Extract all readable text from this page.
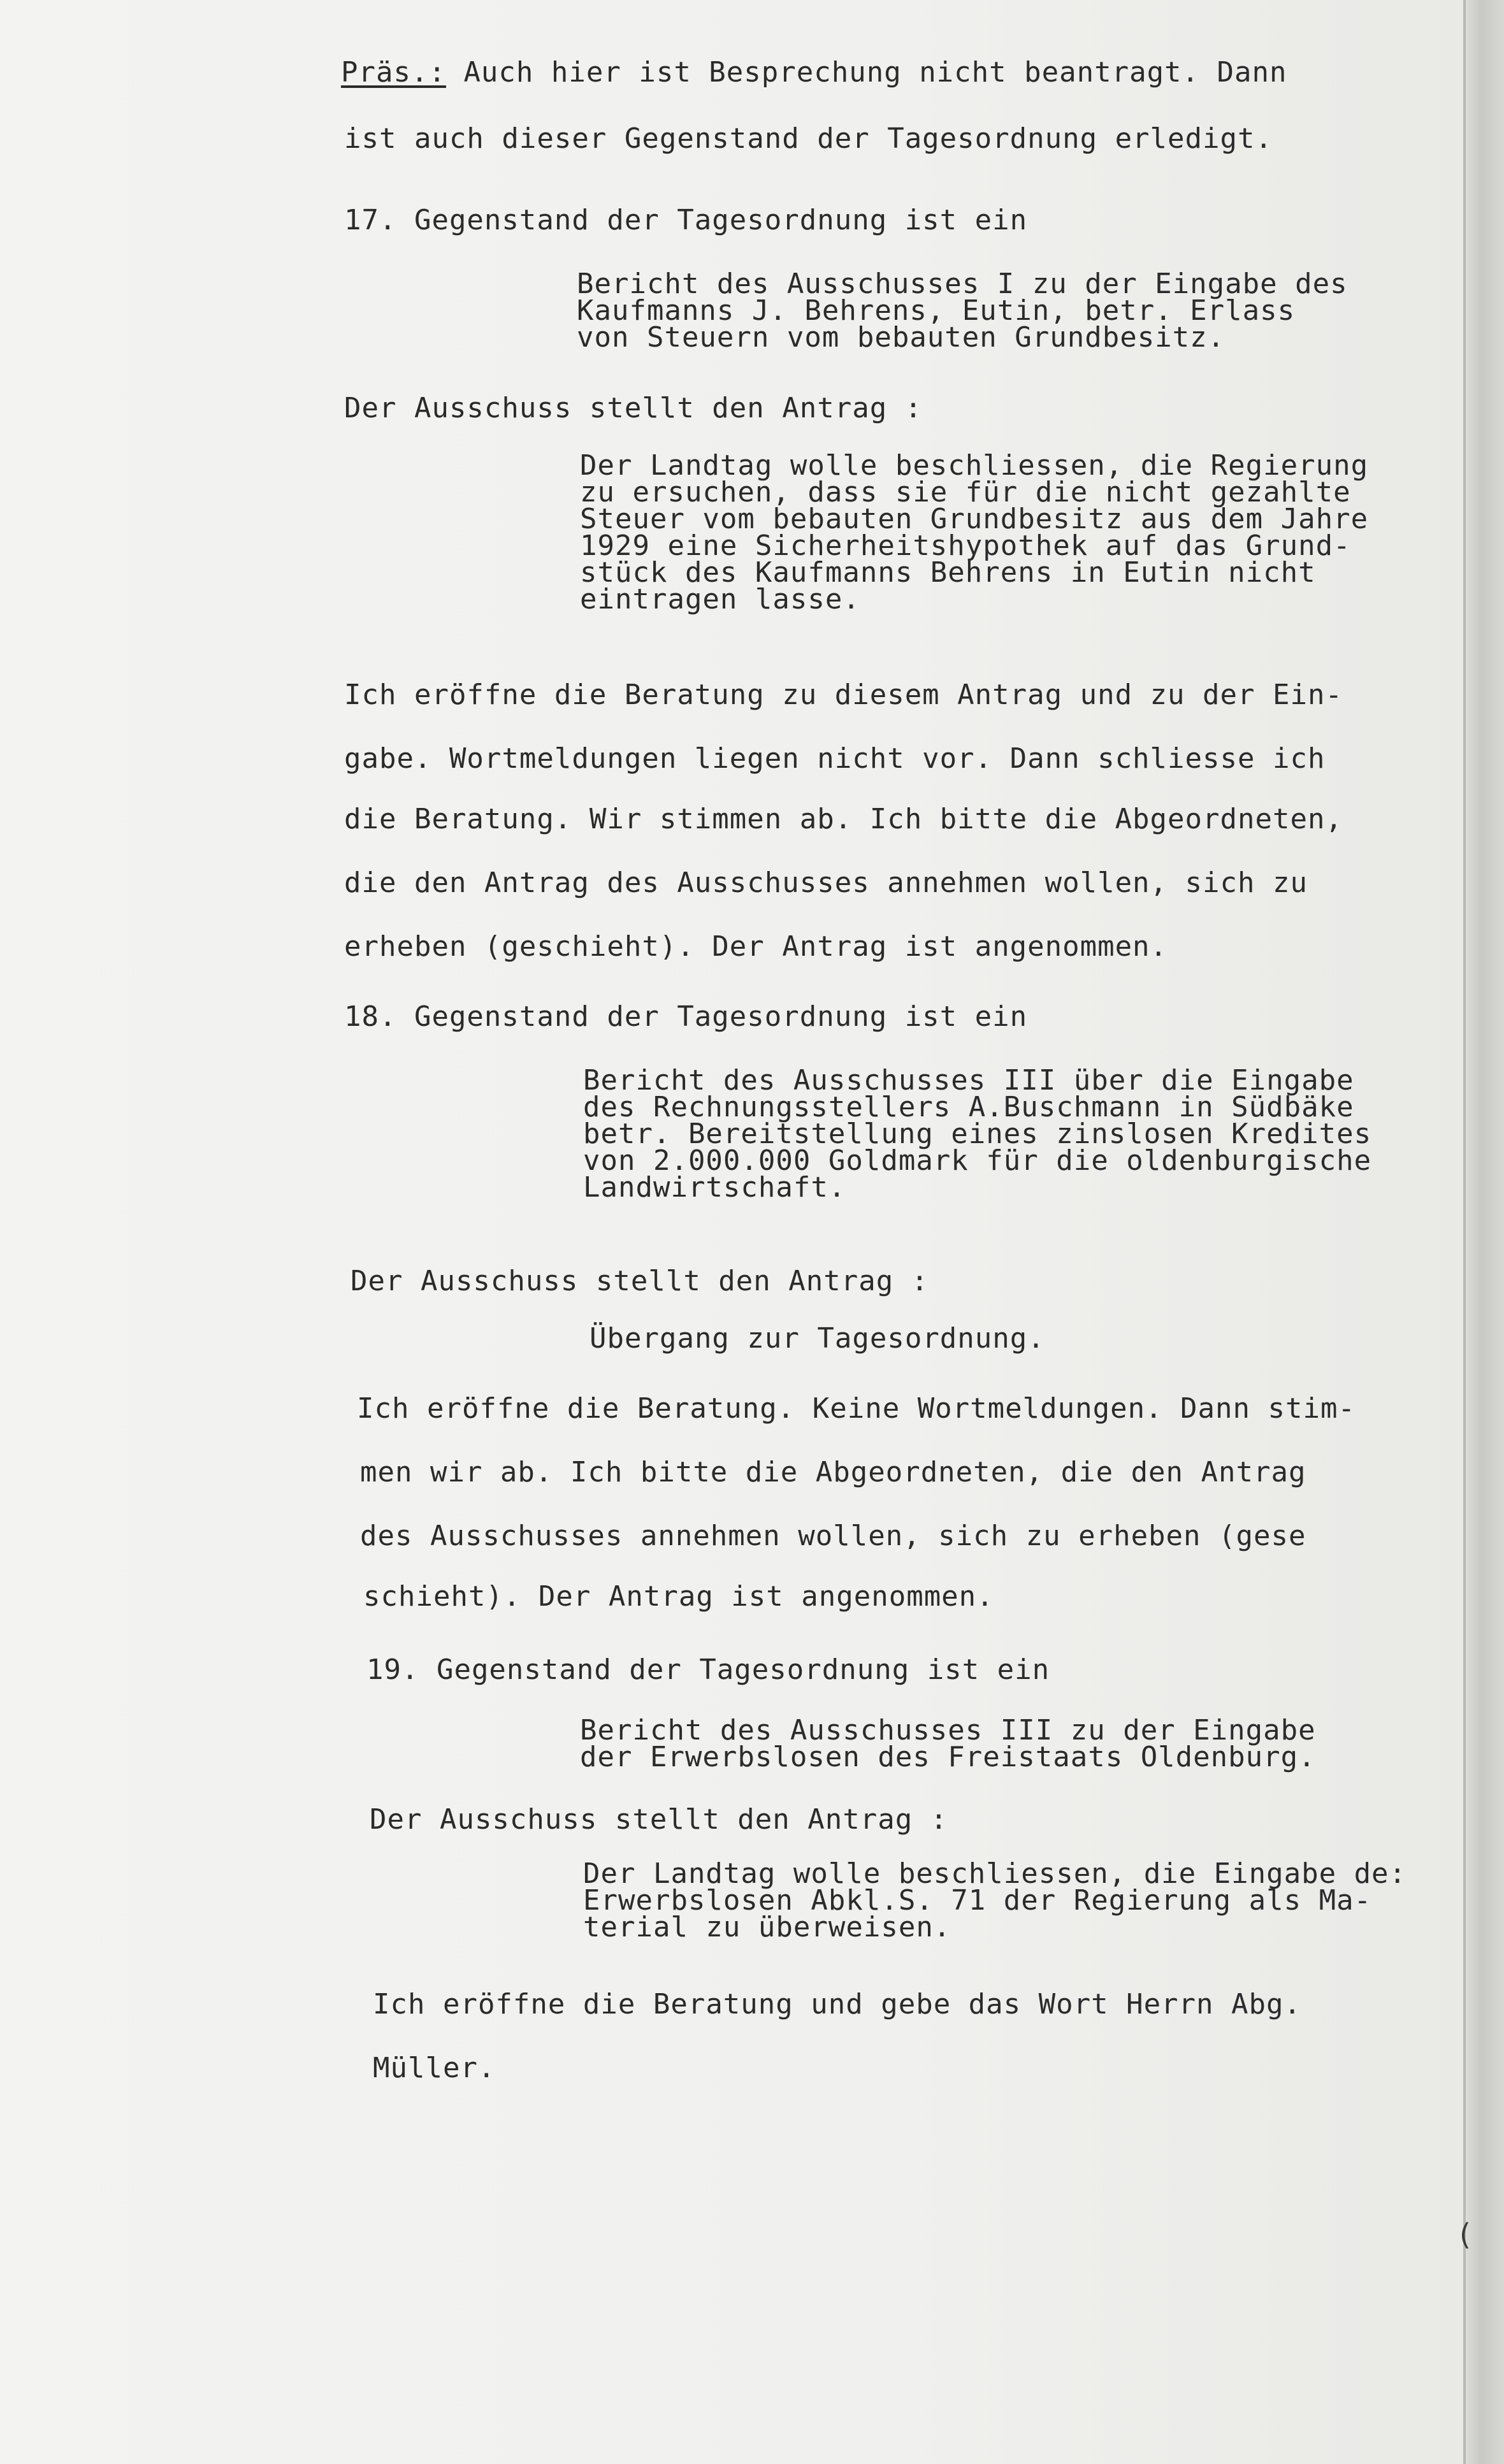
Präs.: Auch hier ist Besprechung nicht beantragt. Dann
ist auch dieser Gegenstand der Tagesordnung erledigt.
17. Gegenstand der Tagesordnung ist ein
Bericht des Ausschusses I zu der Eingabe des
Kaufmanns J. Behrens, Eutin, betr. Erlass
von Steuern vom bebauten Grundbesitz.
Der Ausschuss stellt den Antrag :
Der Landtag wolle beschliessen, die Regierung
zu ersuchen, dass sie für die nicht gezahlte
Steuer vom bebauten Grundbesitz aus dem Jahre
1929 eine Sicherheitshypothek auf das Grund-
stück des Kaufmanns Behrens in Eutin nicht
eintragen lasse.
Ich eröffne die Beratung zu diesem Antrag und zu der Ein-
gabe. Wortmeldungen liegen nicht vor. Dann schliesse ich
die Beratung. Wir stimmen ab. Ich bitte die Abgeordneten,
die den Antrag des Ausschusses annehmen wollen, sich zu
erheben (geschieht). Der Antrag ist angenommen.
18. Gegenstand der Tagesordnung ist ein
Bericht des Ausschusses III über die Eingabe
des Rechnungsstellers A.Buschmann in Südbäke
betr. Bereitstellung eines zinslosen Kredites
von 2.000.000 Goldmark für die oldenburgische
Landwirtschaft.
Der Ausschuss stellt den Antrag :
Übergang zur Tagesordnung.
Ich eröffne die Beratung. Keine Wortmeldungen. Dann stim-
men wir ab. Ich bitte die Abgeordneten, die den Antrag
des Ausschusses annehmen wollen, sich zu erheben (gese
schieht). Der Antrag ist angenommen.
19. Gegenstand der Tagesordnung ist ein
Bericht des Ausschusses III zu der Eingabe
der Erwerbslosen des Freistaats Oldenburg.
Der Ausschuss stellt den Antrag :
Der Landtag wolle beschliessen, die Eingabe de:
Erwerbslosen Abkl.S. 71 der Regierung als Ma-
terial zu überweisen.
Ich eröffne die Beratung und gebe das Wort Herrn Abg.
Müller.
(
